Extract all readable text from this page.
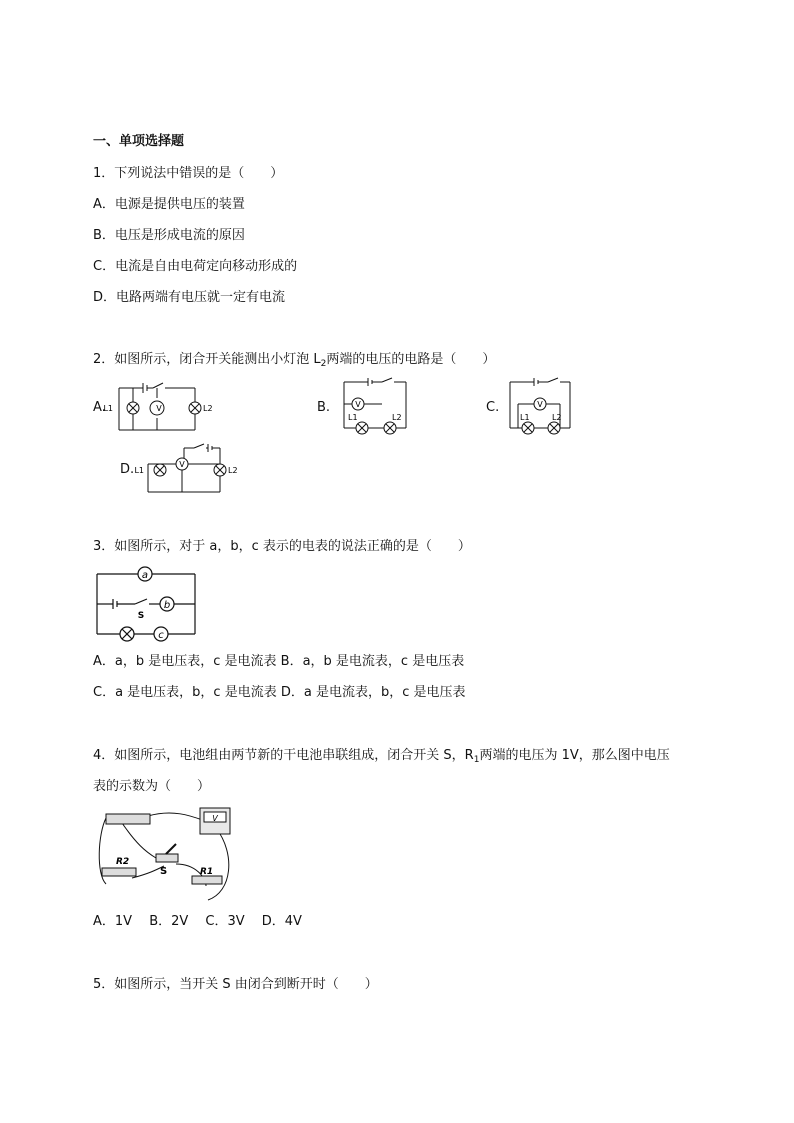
一、单项选择题
1．下列说法中错误的是（　　）
A．电源是提供电压的装置
B．电压是形成电流的原因
C．电流是自由电荷定向移动形成的
D．电路两端有电压就一定有电流
2．如图所示，闭合开关能测出小灯泡 $L_2$两端的电压的电路是（　　）
A.	V
L1	L2	B.	V
L1	L2
C.	V
L1	L2
D.	V
L1	L2
3．如图所示，对于 a，b，c 表示的电表的说法正确的是（　　）
a
b
c
S
A．a，b 是电压表，c 是电流表 B．a，b 是电流表，c 是电压表
C．a 是电压表，b，c 是电流表 D．a 是电流表，b，c 是电压表
4．如图所示，电池组由两节新的干电池串联组成，闭合开关 S，$R_1$两端的电压为 1V，那么图中电压
表的示数为（　　）
V
R2
S	R1
A．1V　 B．2V　 C．3V　 D．4V
5．如图所示，当开关 S 由闭合到断开时（　　）
